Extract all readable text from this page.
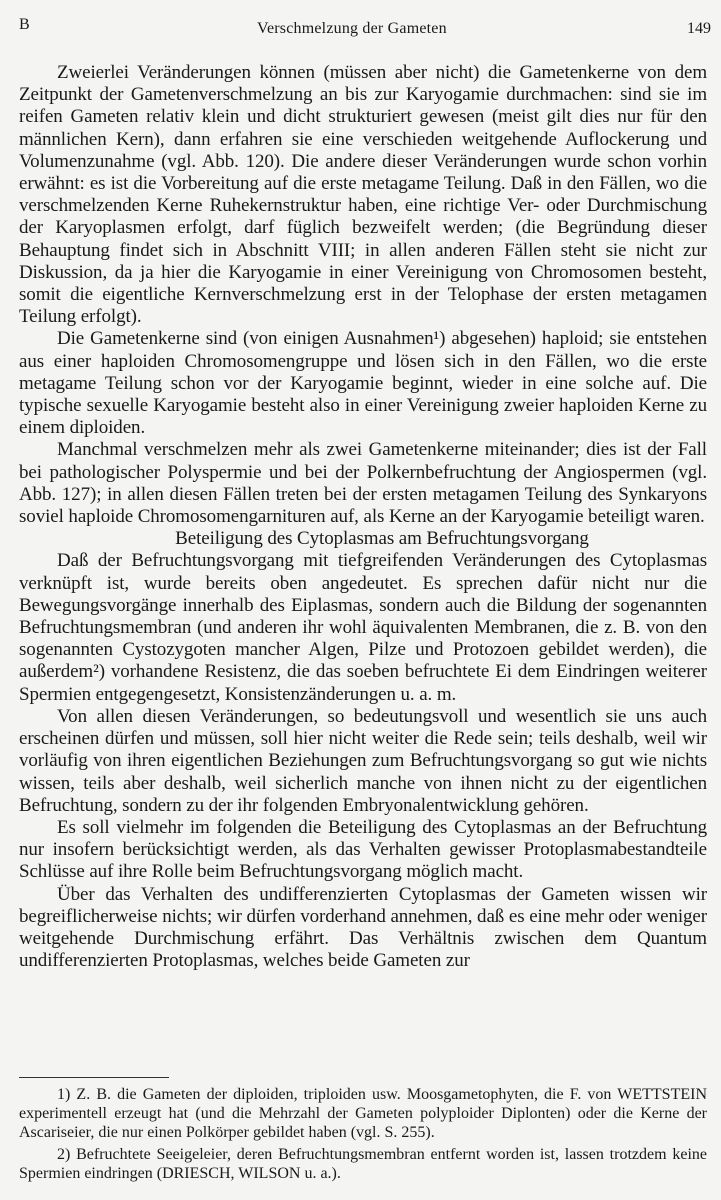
B	Verschmelzung der Gameten	149

Zweierlei Veränderungen können (müssen aber nicht) die Gametenkerne von dem Zeitpunkt der Gametenverschmelzung an bis zur Karyogamie durchmachen: sind sie im reifen Gameten relativ klein und dicht strukturiert gewesen (meist gilt dies nur für den männlichen Kern), dann erfahren sie eine verschieden weitgehende Auflockerung und Volumenzunahme (vgl. Abb. 120). Die andere dieser Veränderungen wurde schon vorhin erwähnt: es ist die Vorbereitung auf die erste metagame Teilung. Daß in den Fällen, wo die verschmelzenden Kerne Ruhekernstruktur haben, eine richtige Ver- oder Durchmischung der Karyoplasmen erfolgt, darf füglich bezweifelt werden; (die Begründung dieser Behauptung findet sich in Abschnitt VIII; in allen anderen Fällen steht sie nicht zur Diskussion, da ja hier die Karyogamie in einer Vereinigung von Chromosomen besteht, somit die eigentliche Kernverschmelzung erst in der Telophase der ersten metagamen Teilung erfolgt).

Die Gametenkerne sind (von einigen Ausnahmen¹) abgesehen) haploid; sie entstehen aus einer haploiden Chromosomengruppe und lösen sich in den Fällen, wo die erste metagame Teilung schon vor der Karyogamie beginnt, wieder in eine solche auf. Die typische sexuelle Karyogamie besteht also in einer Vereinigung zweier haploiden Kerne zu einem diploiden.

Manchmal verschmelzen mehr als zwei Gametenkerne miteinander; dies ist der Fall bei pathologischer Polyspermie und bei der Polkernbefruchtung der Angiospermen (vgl. Abb. 127); in allen diesen Fällen treten bei der ersten metagamen Teilung des Synkaryons soviel haploide Chromosomengarnituren auf, als Kerne an der Karyogamie beteiligt waren.

Beteiligung des Cytoplasmas am Befruchtungsvorgang

Daß der Befruchtungsvorgang mit tiefgreifenden Veränderungen des Cytoplasmas verknüpft ist, wurde bereits oben angedeutet. Es sprechen dafür nicht nur die Bewegungsvorgänge innerhalb des Eiplasmas, sondern auch die Bildung der sogenannten Befruchtungsmembran (und anderen ihr wohl äquivalenten Membranen, die z. B. von den sogenannten Cystozygoten mancher Algen, Pilze und Protozoen gebildet werden), die außerdem²) vorhandene Resistenz, die das soeben befruchtete Ei dem Eindringen weiterer Spermien entgegengesetzt, Konsistenzänderungen u. a. m.

Von allen diesen Veränderungen, so bedeutungsvoll und wesentlich sie uns auch erscheinen dürfen und müssen, soll hier nicht weiter die Rede sein; teils deshalb, weil wir vorläufig von ihren eigentlichen Beziehungen zum Befruchtungsvorgang so gut wie nichts wissen, teils aber deshalb, weil sicherlich manche von ihnen nicht zu der eigentlichen Befruchtung, sondern zu der ihr folgenden Embryonalentwicklung gehören.

Es soll vielmehr im folgenden die Beteiligung des Cytoplasmas an der Befruchtung nur insofern berücksichtigt werden, als das Verhalten gewisser Protoplasmabestandteile Schlüsse auf ihre Rolle beim Befruchtungsvorgang möglich macht.

Über das Verhalten des undifferenzierten Cytoplasmas der Gameten wissen wir begreiflicherweise nichts; wir dürfen vorderhand annehmen, daß es eine mehr oder weniger weitgehende Durchmischung erfährt. Das Verhältnis zwischen dem Quantum undifferenzierten Protoplasmas, welches beide Gameten zur

1) Z. B. die Gameten der diploiden, triploiden usw. Moosgametophyten, die F. von WETTSTEIN experimentell erzeugt hat (und die Mehrzahl der Gameten polyploider Diplonten) oder die Kerne der Ascariseier, die nur einen Polkörper gebildet haben (vgl. S. 255).

2) Befruchtete Seeigeleier, deren Befruchtungsmembran entfernt worden ist, lassen trotzdem keine Spermien eindringen (DRIESCH, WILSON u. a.).
